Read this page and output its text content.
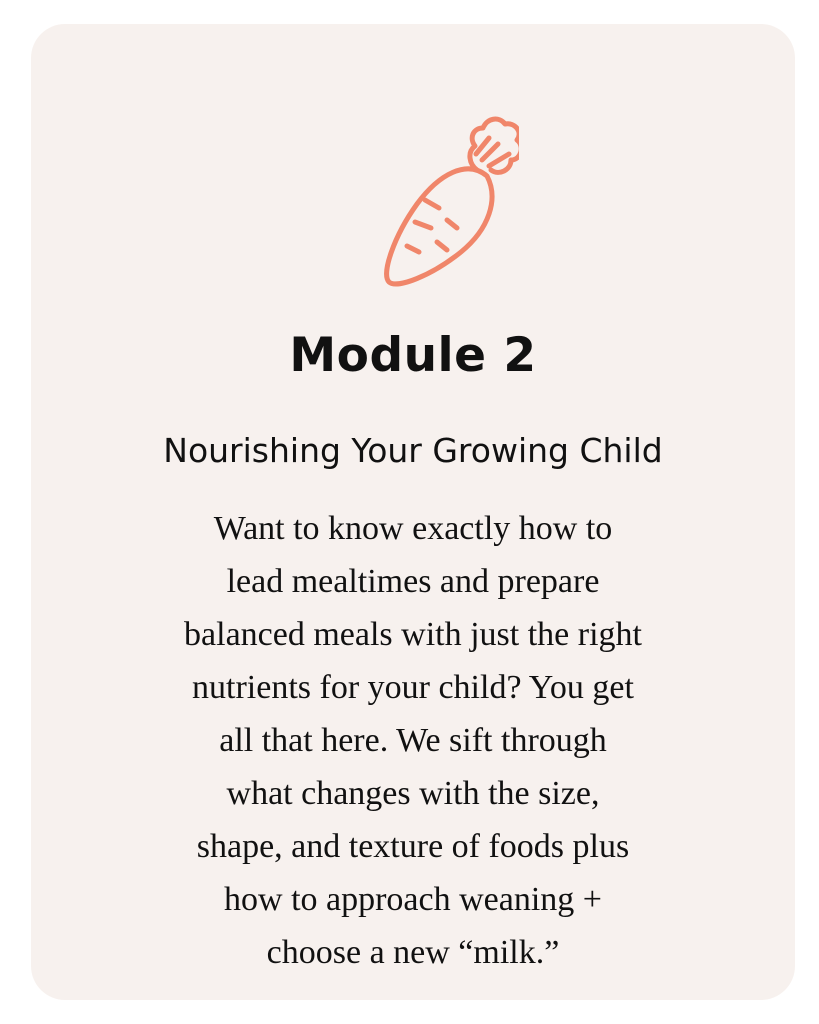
Module 2
Nourishing Your Growing Child
Want to know exactly how to
lead mealtimes and prepare
balanced meals with just the right
nutrients for your child? You get
all that here. We sift through
what changes with the size,
shape, and texture of foods plus
how to approach weaning +
choose a new “milk.”
